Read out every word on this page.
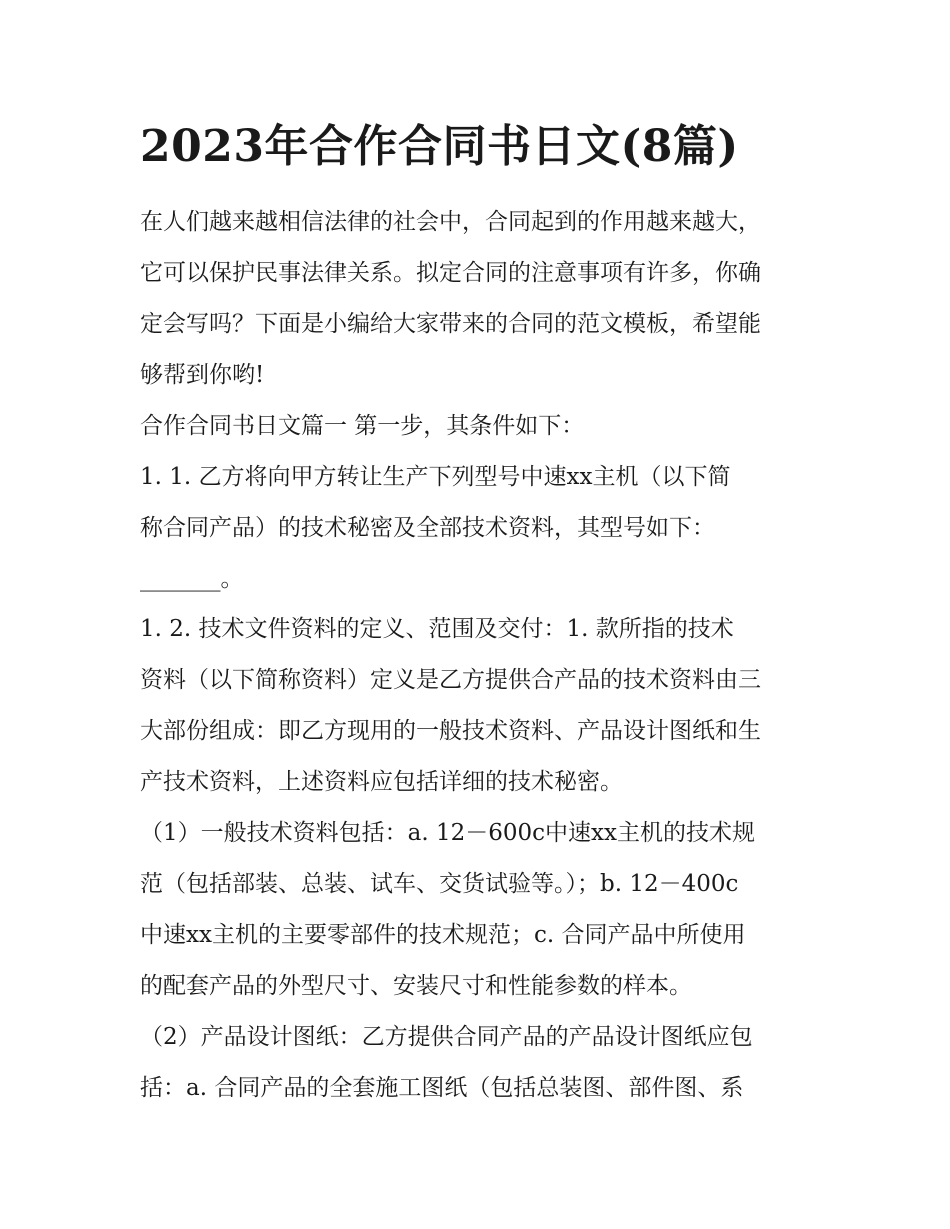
2023年合作合同书日文(8篇)
在人们越来越相信法律的社会中，合同起到的作用越来越大，
它可以保护民事法律关系。拟定合同的注意事项有许多，你确
定会写吗？下面是小编给大家带来的合同的范文模板，希望能
够帮到你哟!
合作合同书日文篇一 第一步，其条件如下：
1. 1. 乙方将向甲方转让生产下列型号中速xx主机（以下简
称合同产品）的技术秘密及全部技术资料，其型号如下：
_______。
1. 2. 技术文件资料的定义、范围及交付：1. 款所指的技术
资料（以下简称资料）定义是乙方提供合产品的技术资料由三
大部份组成：即乙方现用的一般技术资料、产品设计图纸和生
产技术资料，上述资料应包括详细的技术秘密。
（1）一般技术资料包括：a. 12－600c中速xx主机的技术规
范（包括部装、总装、试车、交货试验等。）；b. 12－400c
中速xx主机的主要零部件的技术规范；c. 合同产品中所使用
的配套产品的外型尺寸、安装尺寸和性能参数的样本。
（2）产品设计图纸：乙方提供合同产品的产品设计图纸应包
括：a. 合同产品的全套施工图纸（包括总装图、部件图、系
